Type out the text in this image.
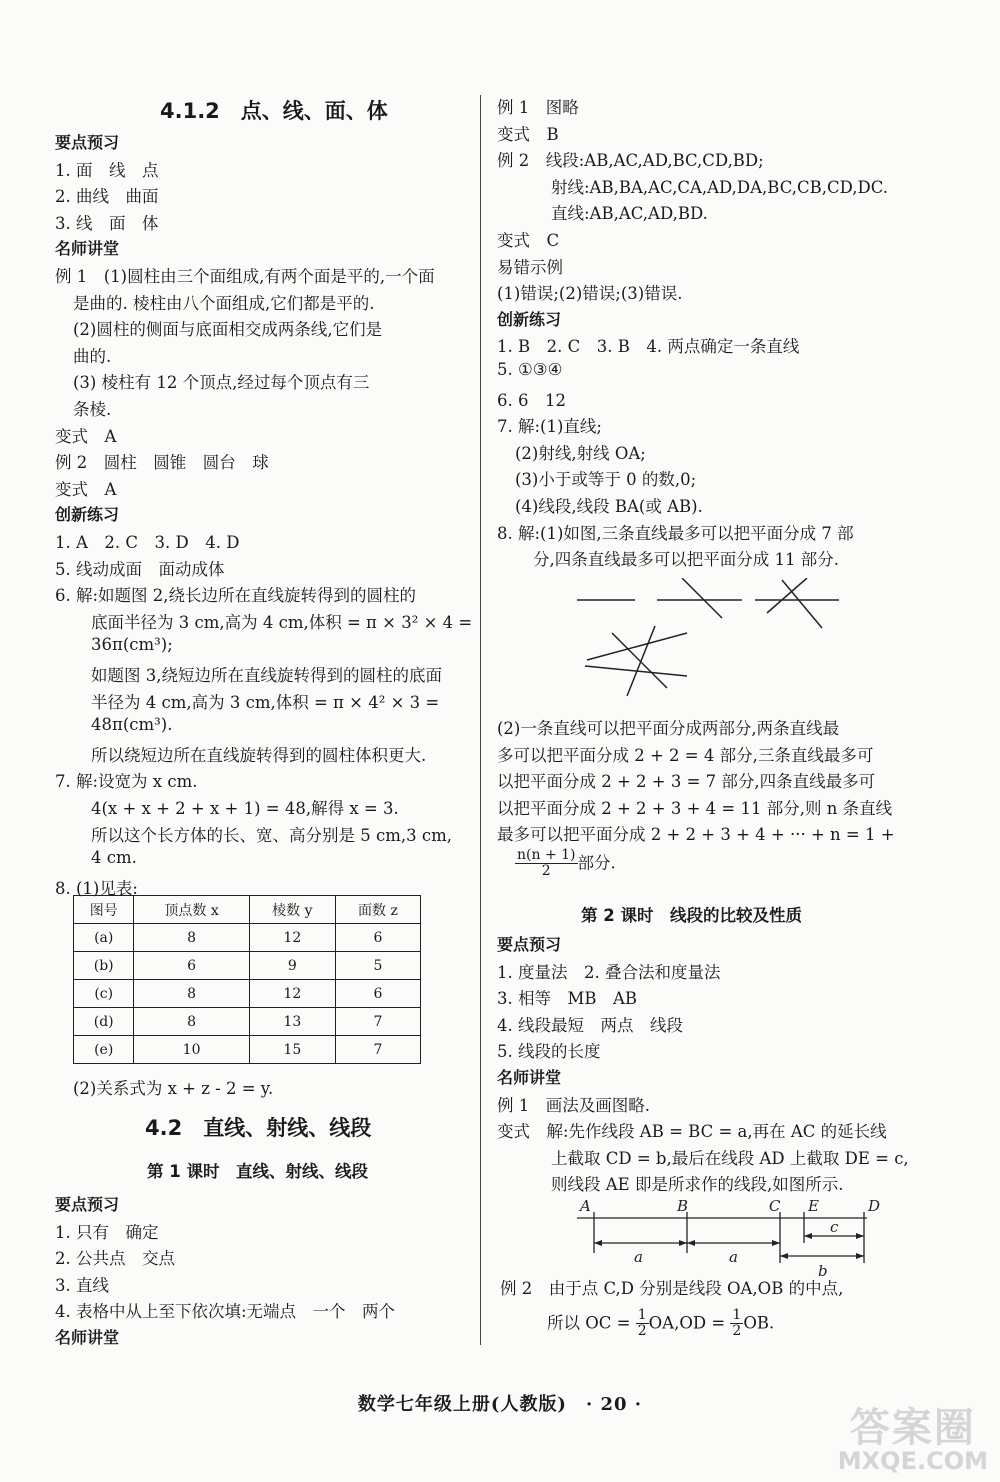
4.1.2　点、线、面、体
要点预习
1. 面　线　点
2. 曲线　曲面
3. 线　面　体
名师讲堂
例 1　(1)圆柱由三个面组成,有两个面是平的,一个面
是曲的. 棱柱由八个面组成,它们都是平的.
(2)圆柱的侧面与底面相交成两条线,它们是
曲的.
(3) 棱柱有 12 个顶点,经过每个顶点有三
条棱.
变式　A
例 2　圆柱　圆锥　圆台　球
变式　A
创新练习
1. A　2. C　3. D　4. D
5. 线动成面　面动成体
6. 解:如题图 2,绕长边所在直线旋转得到的圆柱的
底面半径为 3 cm,高为 4 cm,体积 = π × 3² × 4 =
36π(cm³);
如题图 3,绕短边所在直线旋转得到的圆柱的底面
半径为 4 cm,高为 3 cm,体积 = π × 4² × 3 =
48π(cm³).
所以绕短边所在直线旋转得到的圆柱体积更大.
7. 解:设宽为 x cm.
4(x + x + 2 + x + 1) = 48,解得 x = 3.
所以这个长方体的长、宽、高分别是 5 cm,3 cm,
4 cm.
8. (1)见表:
图号	顶点数 x	棱数 y	面数 z
(a)	8	12	6
(b)	6	9	5
(c)	8	12	6
(d)	8	13	7
(e)	10	15	7
(2)关系式为 x + z - 2 = y.
4.2　直线、射线、线段
第 1 课时　直线、射线、线段
要点预习
1. 只有　确定
2. 公共点　交点
3. 直线
4. 表格中从上至下依次填:无端点　一个　两个
名师讲堂
例 1　图略
变式　B
例 2　线段:AB,AC,AD,BC,CD,BD;
射线:AB,BA,AC,CA,AD,DA,BC,CB,CD,DC.
直线:AB,AC,AD,BD.
变式　C
易错示例
(1)错误;(2)错误;(3)错误.
创新练习
1. B　2. C　3. B　4. 两点确定一条直线
5. ①③④
6. 6　12
7. 解:(1)直线;
(2)射线,射线 OA;
(3)小于或等于 0 的数,0;
(4)线段,线段 BA(或 AB).
8. 解:(1)如图,三条直线最多可以把平面分成 7 部
分,四条直线最多可以把平面分成 11 部分.
(2)一条直线可以把平面分成两部分,两条直线最
多可以把平面分成 2 + 2 = 4 部分,三条直线最多可
以把平面分成 2 + 2 + 3 = 7 部分,四条直线最多可
以把平面分成 2 + 2 + 3 + 4 = 11 部分,则 n 条直线
最多可以把平面分成 2 + 2 + 3 + 4 + ··· + n = 1 +
$\frac{n(n + 1)}{2}$ 部分.
第 2 课时　线段的比较及性质
要点预习
1. 度量法　2. 叠合法和度量法
3. 相等　MB　AB
4. 线段最短　两点　线段
5. 线段的长度
名师讲堂
例 1　画法及画图略.
变式　解:先作线段 AB = BC = a,再在 AC 的延长线
上截取 CD = b,最后在线段 AD 上截取 DE = c,
则线段 AE 即是所求作的线段,如图所示.
A	B	C E	D
a	a
c
b
例 2　由于点 C,D 分别是线段 OA,OB 的中点,
所以 OC = $\frac{1}{2} OA,OD = \frac{1}{2}$ OB.
数学七年级上册(人教版)　· 20 ·
答案圈
MXQE.COM
